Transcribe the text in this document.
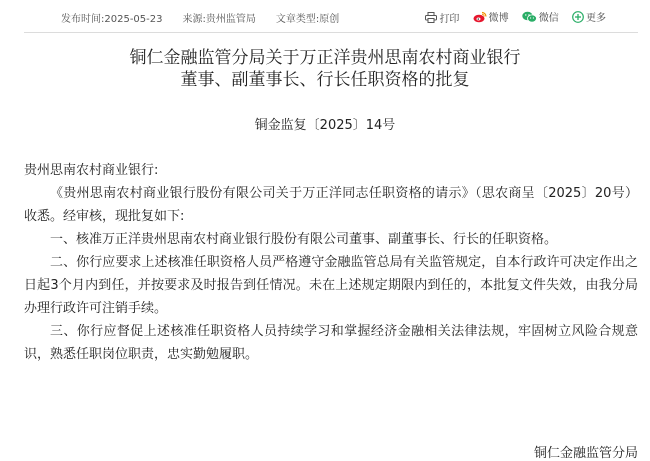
发布时间:2025-05-23 来源:贵州监管局 文章类型:原创	打印
	微博
	微信
	更多
铜仁金融监管分局关于万正洋贵州思南农村商业银行
董事、副董事长、行长任职资格的批复
铜金监复〔2025〕14号

贵州思南农村商业银行:

《贵州思南农村商业银行股份有限公司关于万正洋同志任职资格的请示》（思农商呈〔2025〕20号）收悉。经审核，现批复如下:

一、核准万正洋贵州思南农村商业银行股份有限公司董事、副董事长、行长的任职资格。

二、你行应要求上述核准任职资格人员严格遵守金融监管总局有关监管规定，自本行政许可决定作出之日起3个月内到任，并按要求及时报告到任情况。未在上述规定期限内到任的，本批复文件失效，由我分局办理行政许可注销手续。

三、你行应督促上述核准任职资格人员持续学习和掌握经济金融相关法律法规，牢固树立风险合规意识，熟悉任职岗位职责，忠实勤勉履职。

铜仁金融监管分局
